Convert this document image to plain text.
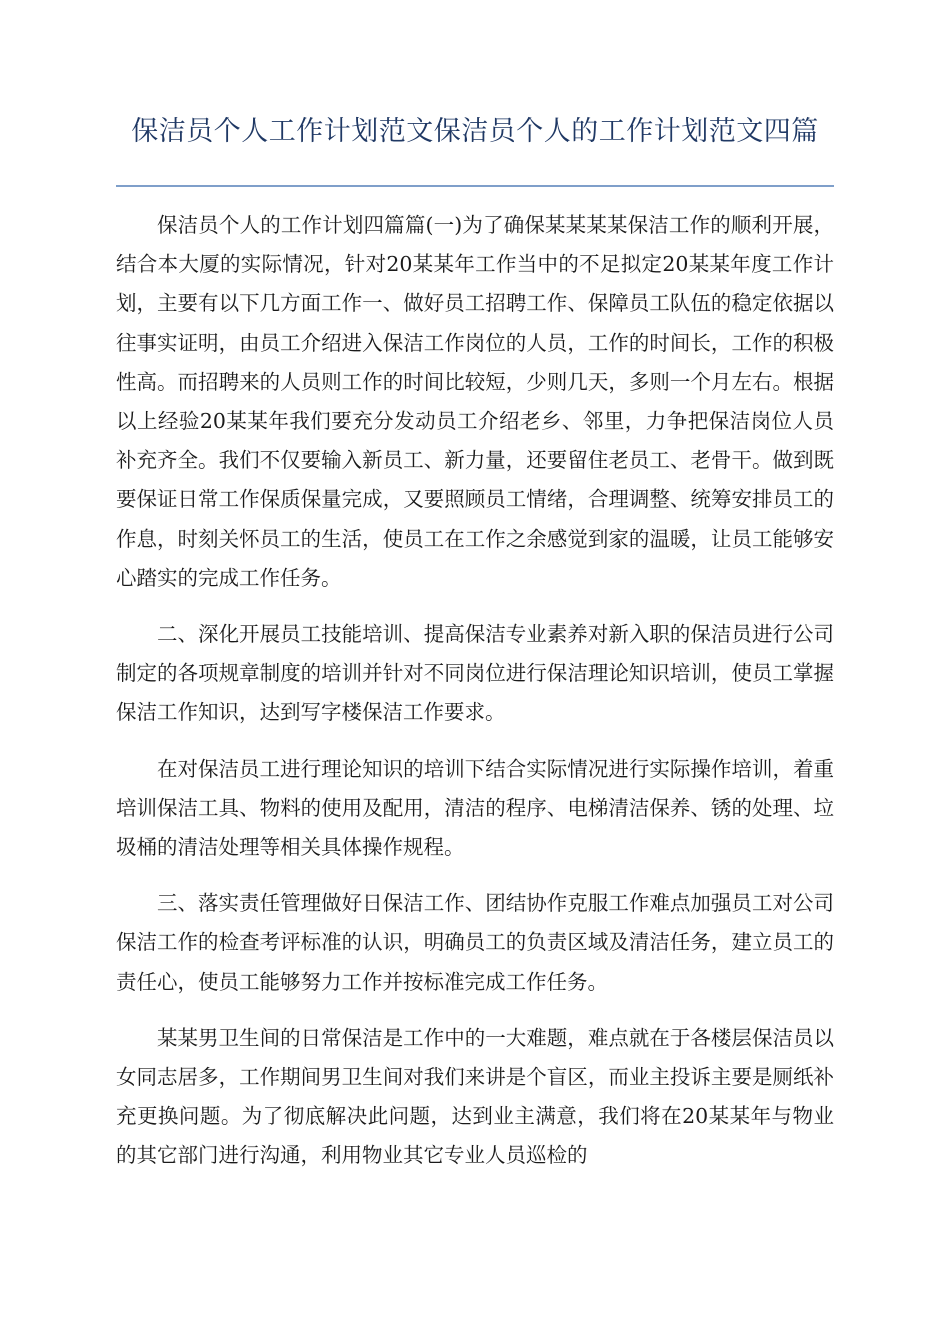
保洁员个人工作计划范文保洁员个人的工作计划范文四篇

保洁员个人的工作计划四篇篇(一)为了确保某某某某保洁工作的顺利开展，结合本大厦的实际情况，针对20某某年工作当中的不足拟定20某某年度工作计划，主要有以下几方面工作一、做好员工招聘工作、保障员工队伍的稳定依据以往事实证明，由员工介绍进入保洁工作岗位的人员，工作的时间长，工作的积极性高。而招聘来的人员则工作的时间比较短，少则几天，多则一个月左右。根据以上经验20某某年我们要充分发动员工介绍老乡、邻里，力争把保洁岗位人员补充齐全。我们不仅要输入新员工、新力量，还要留住老员工、老骨干。做到既要保证日常工作保质保量完成，又要照顾员工情绪，合理调整、统筹安排员工的作息，时刻关怀员工的生活，使员工在工作之余感觉到家的温暖，让员工能够安心踏实的完成工作任务。

二、深化开展员工技能培训、提高保洁专业素养对新入职的保洁员进行公司制定的各项规章制度的培训并针对不同岗位进行保洁理论知识培训，使员工掌握保洁工作知识，达到写字楼保洁工作要求。

在对保洁员工进行理论知识的培训下结合实际情况进行实际操作培训，着重培训保洁工具、物料的使用及配用，清洁的程序、电梯清洁保养、锈的处理、垃圾桶的清洁处理等相关具体操作规程。

三、落实责任管理做好日保洁工作、团结协作克服工作难点加强员工对公司保洁工作的检查考评标准的认识，明确员工的负责区域及清洁任务，建立员工的责任心，使员工能够努力工作并按标准完成工作任务。

某某男卫生间的日常保洁是工作中的一大难题，难点就在于各楼层保洁员以女同志居多，工作期间男卫生间对我们来讲是个盲区，而业主投诉主要是厕纸补充更换问题。为了彻底解决此问题，达到业主满意，我们将在20某某年与物业的其它部门进行沟通，利用物业其它专业人员巡检的
